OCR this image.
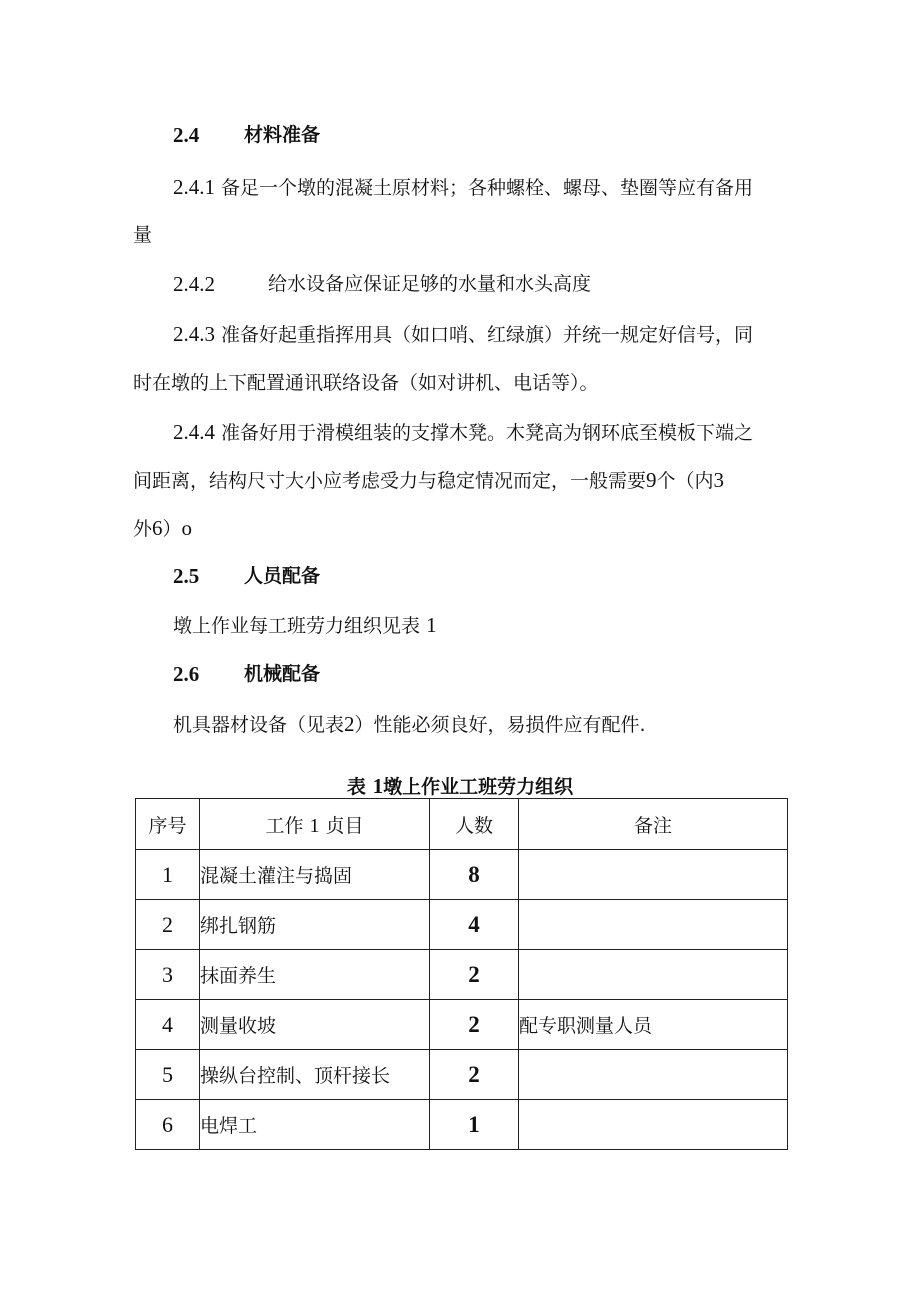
2.4 材料准备
2.4.1 备足一个墩的混凝土原材料；各种螺栓、螺母、垫圈等应有备用
量
2.4.2	给水设备应保证足够的水量和水头高度
2.4.3 准备好起重指挥用具（如口哨、红绿旗）并统一规定好信号，同
时在墩的上下配置通讯联络设备（如对讲机、电话等）。
2.4.4 准备好用于滑模组装的支撑木凳。木凳高为钢环底至模板下端之
间距离，结构尺寸大小应考虑受力与稳定情况而定，一般需要9个（内3
外6）o
2.5 人员配备
墩上作业每工班劳力组织见表 1
2.6 机械配备
机具器材设备（见表2）性能必须良好，易损件应有配件.
表 1墩上作业工班劳力组织
序号	工作 1 贞目	人数	备注
1	混凝土灌注与捣固	8	
2	绑扎钢筋	4	
3	抹面养生	2	
4	测量收坡	2	配专职测量人员
5	操纵台控制、顶杆接长	2	
6	电焊工	1	
